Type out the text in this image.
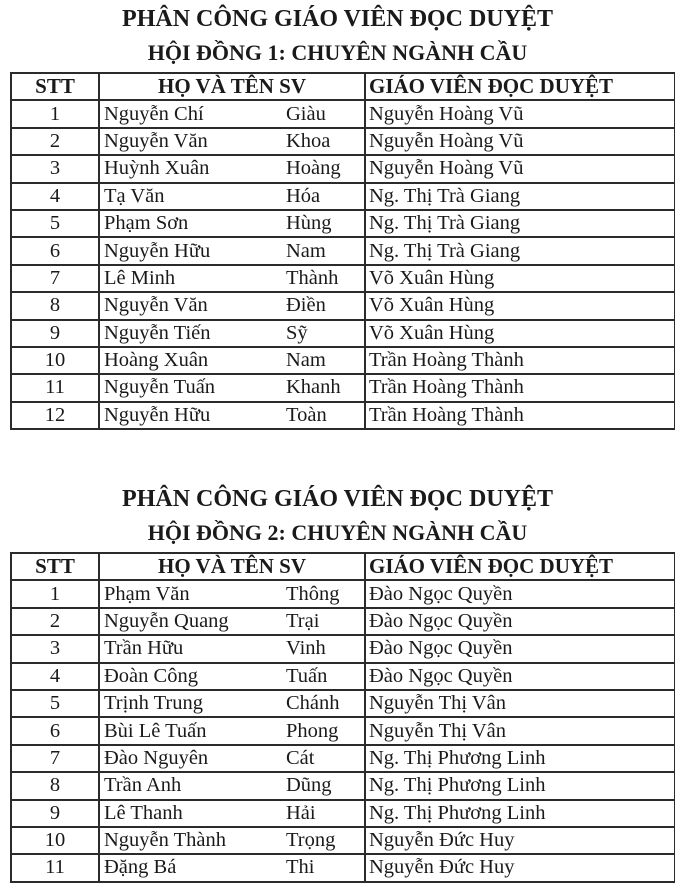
PHÂN CÔNG GIÁO VIÊN ĐỌC DUYỆT
HỘI ĐỒNG 1: CHUYÊN NGÀNH CẦU
STT	HỌ VÀ TÊN SV	GIÁO VIÊN ĐỌC DUYỆT
1	Nguyễn Chí Giàu	Nguyễn Hoàng Vũ
2	Nguyễn Văn Khoa	Nguyễn Hoàng Vũ
3	Huỳnh Xuân Hoàng	Nguyễn Hoàng Vũ
4	Tạ Văn Hóa	Ng. Thị Trà Giang
5	Phạm Sơn Hùng	Ng. Thị Trà Giang
6	Nguyễn Hữu Nam	Ng. Thị Trà Giang
7	Lê Minh Thành	Võ Xuân Hùng
8	Nguyễn Văn Điền	Võ Xuân Hùng
9	Nguyễn Tiến Sỹ	Võ Xuân Hùng
10	Hoàng Xuân Nam	Trần Hoàng Thành
11	Nguyễn Tuấn Khanh	Trần Hoàng Thành
12	Nguyễn Hữu Toàn	Trần Hoàng Thành
PHÂN CÔNG GIÁO VIÊN ĐỌC DUYỆT
HỘI ĐỒNG 2: CHUYÊN NGÀNH CẦU
STT	HỌ VÀ TÊN SV	GIÁO VIÊN ĐỌC DUYỆT
1	Phạm Văn Thông	Đào Ngọc Quyền
2	Nguyễn Quang Trại	Đào Ngọc Quyền
3	Trần Hữu Vinh	Đào Ngọc Quyền
4	Đoàn Công Tuấn	Đào Ngọc Quyền
5	Trịnh Trung Chánh	Nguyễn Thị Vân
6	Bùi Lê Tuấn Phong	Nguyễn Thị Vân
7	Đào Nguyên Cát	Ng. Thị Phương Linh
8	Trần Anh Dũng	Ng. Thị Phương Linh
9	Lê Thanh Hải	Ng. Thị Phương Linh
10	Nguyễn Thành Trọng	Nguyễn Đức Huy
11	Đặng Bá Thi	Nguyễn Đức Huy
